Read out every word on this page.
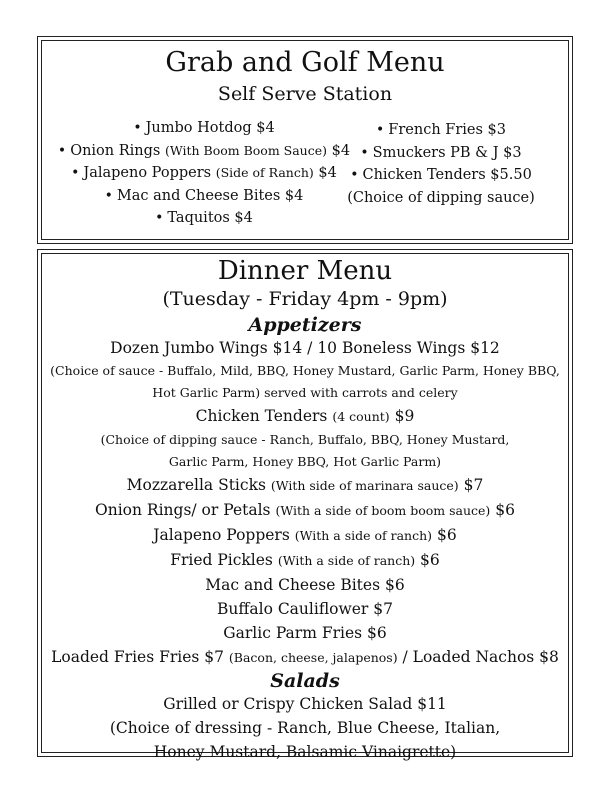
Grab and Golf Menu
Self Serve Station
• Jumbo Hotdog $4
• Onion Rings (With Boom Boom Sauce) $4
• Jalapeno Poppers (Side of Ranch) $4
• Mac and Cheese Bites $4
• Taquitos $4
• French Fries $3
• Smuckers PB & J $3
• Chicken Tenders $5.50
(Choice of dipping sauce)
Dinner Menu
(Tuesday - Friday 4pm - 9pm)
Appetizers
Dozen Jumbo Wings $14 / 10 Boneless Wings $12
(Choice of sauce - Buffalo, Mild, BBQ, Honey Mustard, Garlic Parm, Honey BBQ,
Hot Garlic Parm) served with carrots and celery
Chicken Tenders (4 count) $9
(Choice of dipping sauce - Ranch, Buffalo, BBQ, Honey Mustard,
Garlic Parm, Honey BBQ, Hot Garlic Parm)
Mozzarella Sticks (With side of marinara sauce) $7
Onion Rings/ or Petals (With a side of boom boom sauce) $6
Jalapeno Poppers (With a side of ranch) $6
Fried Pickles (With a side of ranch) $6
Mac and Cheese Bites $6
Buffalo Cauliflower $7
Garlic Parm Fries $6
Loaded Fries Fries $7 (Bacon, cheese, jalapenos) / Loaded Nachos $8
Salads
Grilled or Crispy Chicken Salad $11
(Choice of dressing - Ranch, Blue Cheese, Italian,
Honey Mustard, Balsamic Vinaigrette)
